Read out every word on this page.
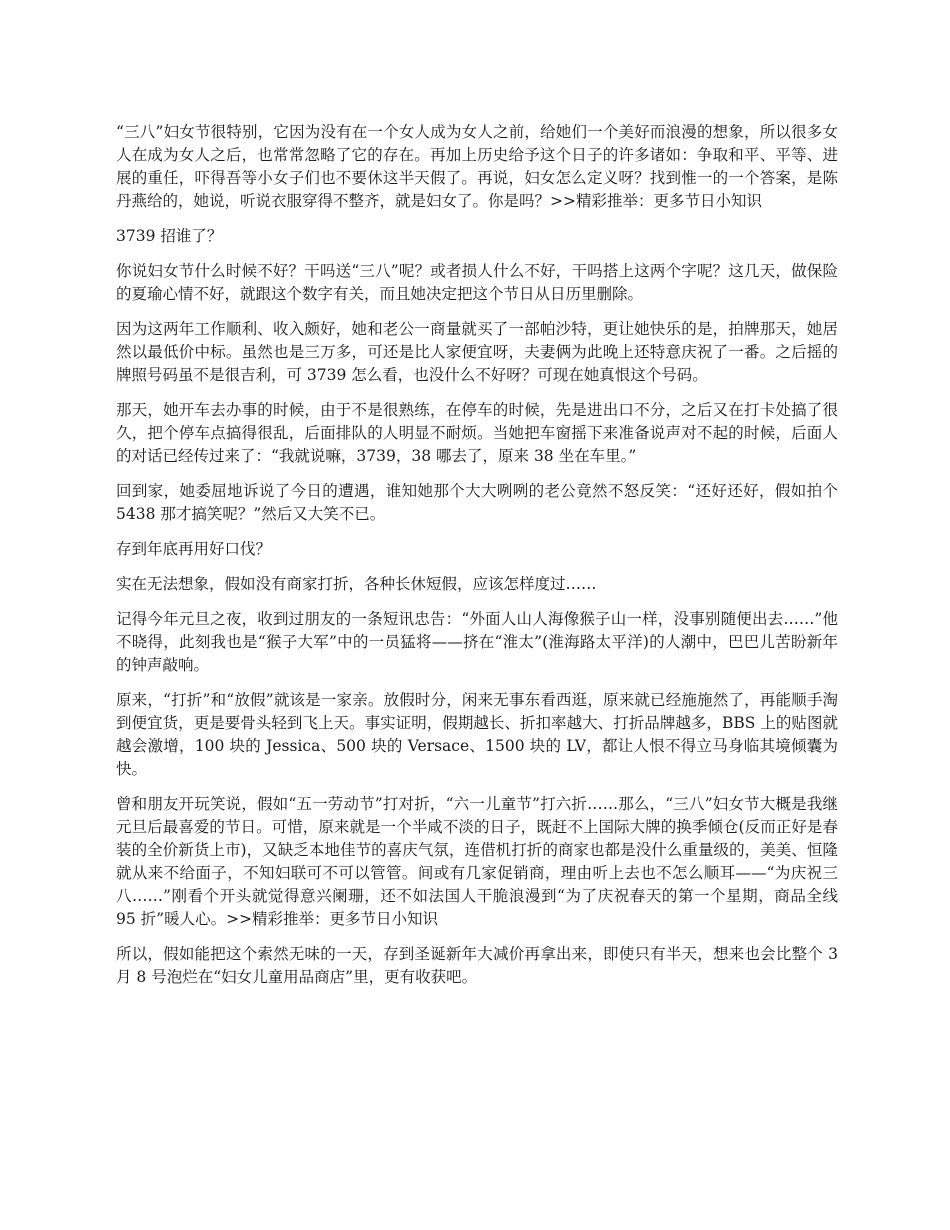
“三八”妇女节很特别，它因为没有在一个女人成为女人之前，给她们一个美好而浪漫的想象，所以很多女人在成为女人之后，也常常忽略了它的存在。再加上历史给予这个日子的许多诸如：争取和平、平等、进展的重任，吓得吾等小女子们也不要休这半天假了。再说，妇女怎么定义呀？找到惟一的一个答案，是陈丹燕给的，她说，听说衣服穿得不整齐，就是妇女了。你是吗？>>精彩推举：更多节日小知识

3739 招谁了？

你说妇女节什么时候不好？干吗送“三八”呢？或者损人什么不好，干吗搭上这两个字呢？这几天，做保险的夏瑜心情不好，就跟这个数字有关，而且她决定把这个节日从日历里删除。

因为这两年工作顺利、收入颇好，她和老公一商量就买了一部帕沙特，更让她快乐的是，拍牌那天，她居然以最低价中标。虽然也是三万多，可还是比人家便宜呀，夫妻俩为此晚上还特意庆祝了一番。之后摇的牌照号码虽不是很吉利，可 3739 怎么看，也没什么不好呀？可现在她真恨这个号码。

那天，她开车去办事的时候，由于不是很熟练，在停车的时候，先是进出口不分，之后又在打卡处搞了很久，把个停车点搞得很乱，后面排队的人明显不耐烦。当她把车窗摇下来准备说声对不起的时候，后面人的对话已经传过来了：“我就说嘛，3739，38 哪去了，原来 38 坐在车里。”

回到家，她委屈地诉说了今日的遭遇，谁知她那个大大咧咧的老公竟然不怒反笑：“还好还好，假如拍个 5438 那才搞笑呢？”然后又大笑不已。

存到年底再用好口伐？

实在无法想象，假如没有商家打折，各种长休短假，应该怎样度过……

记得今年元旦之夜，收到过朋友的一条短讯忠告：“外面人山人海像猴子山一样，没事别随便出去……”他不晓得，此刻我也是“猴子大军”中的一员猛将——挤在“淮太”(淮海路太平洋)的人潮中，巴巴儿苦盼新年的钟声敲响。

原来，“打折”和“放假”就该是一家亲。放假时分，闲来无事东看西逛，原来就已经施施然了，再能顺手淘到便宜货，更是要骨头轻到飞上天。事实证明，假期越长、折扣率越大、打折品牌越多，BBS 上的贴图就越会激增，100 块的 Jessica、500 块的 Versace、1500 块的 LV，都让人恨不得立马身临其境倾囊为快。

曾和朋友开玩笑说，假如“五一劳动节”打对折，“六一儿童节”打六折……那么，“三八”妇女节大概是我继元旦后最喜爱的节日。可惜，原来就是一个半咸不淡的日子，既赶不上国际大牌的换季倾仓(反而正好是春装的全价新货上市)，又缺乏本地佳节的喜庆气氛，连借机打折的商家也都是没什么重量级的，美美、恒隆就从来不给面子，不知妇联可不可以管管。间或有几家促销商，理由听上去也不怎么顺耳——“为庆祝三八……”刚看个开头就觉得意兴阑珊，还不如法国人干脆浪漫到“为了庆祝春天的第一个星期，商品全线 95 折”暖人心。>>精彩推举：更多节日小知识

所以，假如能把这个索然无味的一天，存到圣诞新年大减价再拿出来，即使只有半天，想来也会比整个 3 月 8 号泡烂在“妇女儿童用品商店”里，更有收获吧。
